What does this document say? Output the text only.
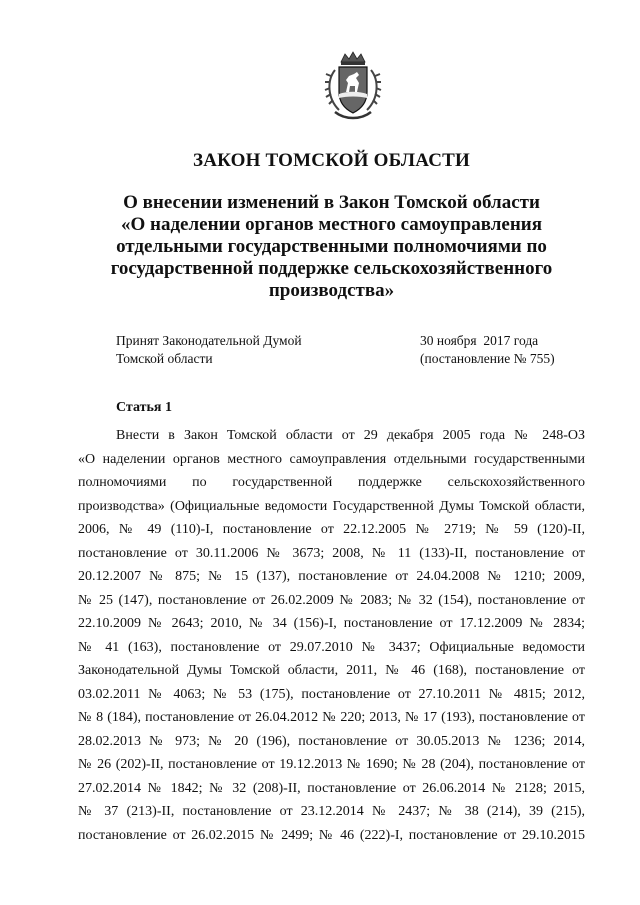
ЗАКОН ТОМСКОЙ ОБЛАСТИ
О внесении изменений в Закон Томской области
«О наделении органов местного самоуправления
отдельными государственными полномочиями по
государственной поддержке сельскохозяйственного
производства»
Принят Законодательной Думой
Томской области
30 ноября  2017 года
(постановление № 755)
Статья 1
Внести в Закон Томской области от 29 декабря 2005 года № 248-ОЗ
«О наделении органов местного самоуправления отдельными государственными
полномочиями по государственной поддержке сельскохозяйственного
производства» (Официальные ведомости Государственной Думы Томской области,
2006, № 49 (110)-I, постановление от 22.12.2005 № 2719; № 59 (120)-II,
постановление от 30.11.2006 № 3673; 2008, № 11 (133)-II, постановление от
20.12.2007 № 875; № 15 (137), постановление от 24.04.2008 № 1210; 2009,
№ 25 (147), постановление от 26.02.2009 № 2083; № 32 (154), постановление от
22.10.2009 № 2643; 2010, № 34 (156)-I, постановление от 17.12.2009 № 2834;
№ 41 (163), постановление от 29.07.2010 № 3437; Официальные ведомости
Законодательной Думы Томской области, 2011, № 46 (168), постановление от
03.02.2011 № 4063; № 53 (175), постановление от 27.10.2011 № 4815; 2012,
№ 8 (184), постановление от 26.04.2012 № 220; 2013, № 17 (193), постановление от
28.02.2013 № 973; № 20 (196), постановление от 30.05.2013 № 1236; 2014,
№ 26 (202)-II, постановление от 19.12.2013 № 1690; № 28 (204), постановление от
27.02.2014 № 1842; № 32 (208)-II, постановление от 26.06.2014 № 2128; 2015,
№ 37 (213)-II, постановление от 23.12.2014 № 2437; № 38 (214), 39 (215),
постановление от 26.02.2015 № 2499; № 46 (222)-I, постановление от 29.10.2015
